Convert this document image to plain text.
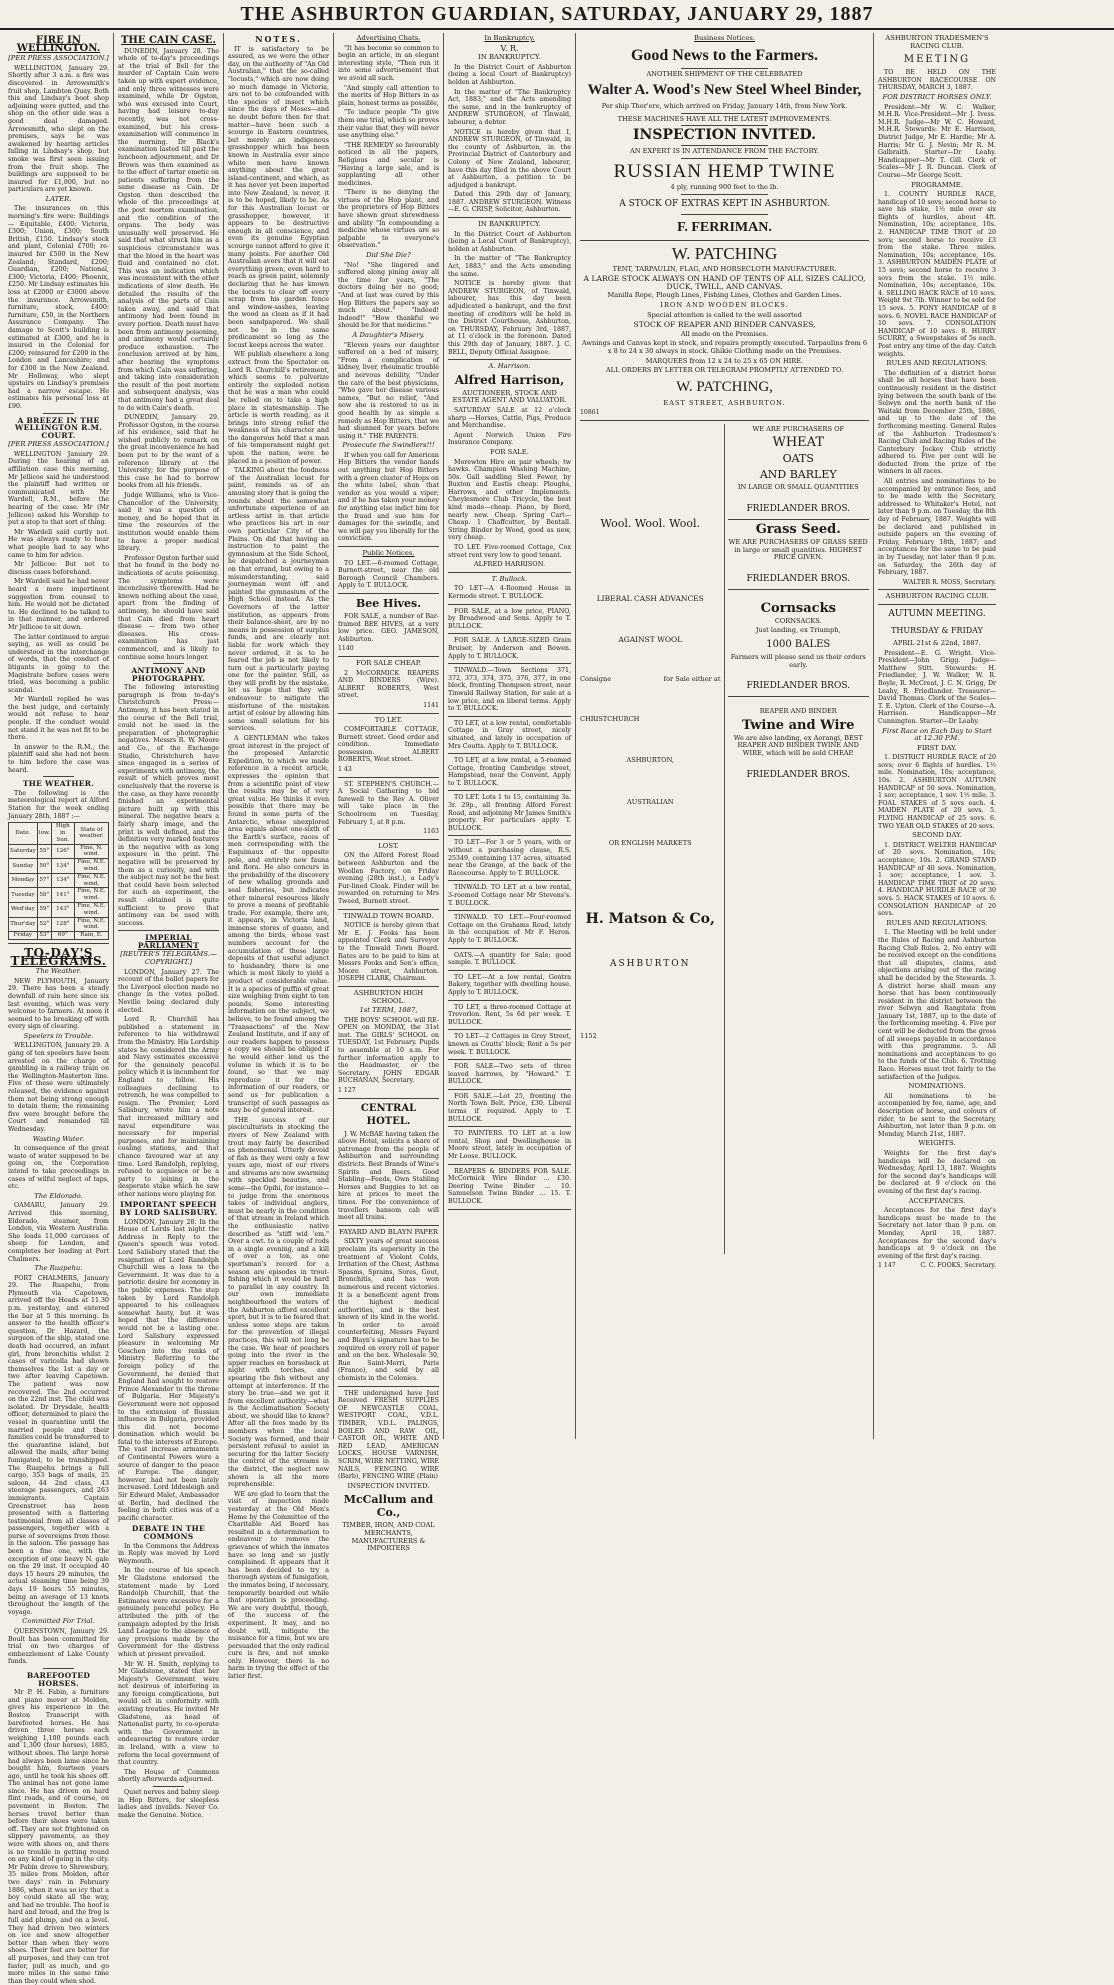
THE ASHBURTON GUARDIAN, SATURDAY, JANUARY 29, 1887
FIRE IN WELLINGTON.
[PER PRESS ASSOCIATION.]

WELLINGTON, January 29. Shortly after 3 a.m. a fire was discovered in Arrowsmith's fruit shop, Lambton Quay. Both this and Lindsay's boot shop adjoining were gutted, and the shop on the other side was a good deal damaged. Arrowsmith, who slept on the premises, says he was awakened by hearing articles falling in Lindsay's shop, but smoke was first seen issuing from the fruit shop. The buildings are supposed to be insured for £1,800, but no particulars are yet known.

LATER.

The insurances on this morning's fire were: Buildings — Equitable, £400; Victoria, £300; Union, £300; South British, £150. Lindsay's stock and plant, Colonial £700; re-insured for £500 in the New Zealand; Standard, £200; Guardian, £200; National, £300; Victoria, £400; Phoenix, £250. Mr Lindsay estimates his loss at £2000 or £3000 above the insurance. Arrowsmith, furniture, stock, £400; furniture, £50, in the Northern Assurance Company. The damage to Scott's building is estimated at £300, and he is insured in the Colonial for £200; reinsured for £200 in the London and Lancashire; and for £300 in the New Zealand. Mr Holloway, who slept upstairs on Lindsay's premises had a narrow escape. He estimates his personal loss at £90.

A BREEZE IN THE WELLINGTON R.M. COURT.
[PER PRESS ASSOCIATION.]

WELLINGTON January 29. During the hearing of an affiliation case this morning, Mr Jellicoe said he understood the plaintiff had written or communicated with Mr Wardell, R.M., before the hearing of the case. Mr (Mr Jellicoe) asked his Worship to put a stop to that sort of thing.

Mr Wardell said curtly not. He was always ready to hear what people had to say who came to him for advice.

Mr Jellicoe: But not to discuss cases beforehand.

Mr Wardell said he had never heard a more impertinent suggestion from counsel to him. He would not be dictated to. He declined to be talked to in that manner, and ordered Mr Jellicoe to sit down.

The latter continued to argue saying, as well as could be understood in the interchange of words, that the conduct of litigants in going to the Magistrate before cases were tried, was becoming a public scandal.

Mr Wardell replied he was the best judge, and certainly would not refuse to hear people. If the conduct would not stand it he was not fit to be there.

In answer to the R.M., the plaintiff said she had not been to him before the case was heard.

THE WEATHER.

The following is the meteorological report at Alford Station for the week ending January 28th, 1887 :—

Date.	low.	High in Sun.	State of weather.
Saturday	55°	126°	Fine, N. wind.
Sunday	50°	134°	Fine, N.E. wind.
Monday	57°	134°	Fine, N.E. wind.
Tuesday	58°	141°	Fine, N.E. wind.
Wed'day	59°	143°	Fine, N.E. wind.
Thur'day	52°	128°	Fine, N.E. wind.
Friday	53°	69°	Rain, E.
TO-DAY'S TELEGRAMS.
The Weather.

NEW PLYMOUTH, January 29. There has been a steady downfall of rain here since six last evening, which was very welcome to farmers. At noon it seemed to be breaking off with every sign of clearing.

Speelers in Trouble.

WELLINGTON, January 29. A gang of ten speelers have been arrested on the charge of gambling in a railway train on the Wellington-Masterton line. Five of these were ultimately released, the evidence against them not being strong enough to detain them; the remaining five were brought before the Court and remanded till Wednesday.

Wasting Water.

In consequence of the great waste of water supposed to be going on, the Corporation intend to take proceedings in cases of wilful neglect of taps, etc.

The Eldorado.

OAMARU, January 29. Arrived this morning, Eldorado, steamer, from London, via Western Australia. She loads 11,000 carcases of sheep for London, and completes her loading at Port Chalmers.

The Ruapehu.

PORT CHALMERS, January 29. The Ruapehu, from Plymouth via Capetown, arrived off the Heads at 11.30 p.m. yesterday, and entered the bar at 5 this morning. In answer to the health officer's question, Dr Hazard, the surgeon of the ship, stated one death had occurred, an infant girl, from bronchitis whilst 2 cases of varicella had shown themselves the 1st a day or two after leaving Capetown. The patient was now recovered. The 2nd occurred on the 22nd inst. The child was isolated. Dr Drysdale, health officer, determined to place the vessel in quarantine until the married people and their families could be transferred to the quarantine island, but allowed the mails, after being fumigated, to be transhipped. The Ruapehu brings a full cargo, 353 bags of mails, 25 saloon, 44 2nd class, 43 steerage passengers, and 263 immigrants. Captain Greenstreet has been presented with a flattering testimonial from all classes of passengers, together with a purse of sovereigns from those in the saloon. The passage has been a fine one, with the exception of one heavy N. gale on the 29 inst. It occupied 40 days 15 hours 29 minutes, the actual steaming time being 39 days 19 hours 55 minutes, being an average of 13 knots throughout the length of the voyage.

Committed For Trial.

QUEENSTOWN, January 29. Boult has been committed for trial on two charges of embezzlement of Lake County funds.

BAREFOOTED HORSES.

Mr P. H. Fabin, a furniture and piano mover at Molden, gives his experience in the Boston Transcript with barefooted horses. He has driven three horses each weighing 1,100 pounds each and 1,300 (four horses), 1885, without shoes. The large horse had always been lame since he bought him, fourteen years ago, until he took his shoes off. The animal has not gone lame since. He has driven on hard flint roads, and of course, on pavement in Boston. The horses travel better than before their shoes were taken off. They are not frightened on slippery pavements, as they were with shoes on, and there is no trouble in getting round on any kind of going in the city. Mr Fabin drove to Shrewsbury, 35 miles from Molden, after two days' rain in February 1886, when it was so icy that a boy could skate all the way, and had no trouble. The hoof is hard and broad, and the frog is full and plump, and on a level. They had driven two winters on ice and snow altogether better than when they wore shoes. Their feet are better for all purposes, and they can trot faster, pull as much, and go more miles in the same time than they could when shod.

THE CAIN CASE.

DUNEDIN, January 28. The whole of to-day's proceedings at the trial of Bell for the murder of Captain Cain were taken up with expert evidence, and only three witnesses were examined, while Dr Ogston, who was excused into Court, having had leisure to-day recently, was not cross-examined, but his cross-examination will commence in the morning. Dr Black's examination lasted till past the luncheon adjournment, and Dr Brown was then examined as to the effect of tartar emetic on patients suffering from the same disease as Cain. Dr Ogston then described the whole of the proceedings at the post mortem examination, and the condition of the organs. The body was unusually well preserved. He said that what struck him as a suspicious circumstance was that the blood in the heart was fluid and contained no clot. This was an indication which was inconsistent with the other indications of slow death. He detailed the results of the analysis of the parts of Cain taken away, and said that antimony had been found in every portion. Death must have been from antimony poisoning, and antimony would certainly produce exhaustion. The conclusion arrived at by him, after hearing the symptoms from which Cain was suffering, and taking into consideration the result of the post mortem and subsequent analysis, was that antimony had a great deal to do with Cain's death.

DUNEDIN, January 29. Professor Ogston, in the course of his evidence, said that he wished publicly to remark on the great inconvenience he had been put to by the want of a reference library at the University; for the purpose of this case he had to borrow books from all his friends.

Judge Williams, who is Vice-Chancellor of the University, said it was a question of money, and he hoped that in time the resources of the institution would enable them to have a proper medical library.

Professor Ogston further said that he found in the body no indications of acute poisoning. The symptoms were inconclusive therewith. Had he known nothing about the case, apart from the finding of antimony, he should have said that Cain died from heart disease — from two other diseases. His cross-examination has just commenced, and is likely to continue some hours longer.

ANTIMONY AND PHOTOGRAPHY.

The following interesting paragraph is from to-day's Christchurch Press:— Antimony, it has been stated in the course of the Bell trial, could not be used in the preparation of photographic negatives. Messrs R. W. Moore and Co., of the Exchange Studio, Christchurch have since engaged in a series of experiments with antimony, the result of which proves most conclusively that the reverse is the case, as they have recently finished an experimental picture built up with this mineral. The negative bears a fairly sharp image, and the print is well defined, and the definition very marked features in the negative with as long exposure in the print. The negative will be preserved by them as a curiosity, and with the subject may not be the best that could have been selected for such an experiment, the result obtained is quite sufficient to prove that antimony can be used with success.

IMPERIAL PARLIAMENT
[REUTER'S TELEGRAMS.—COPYRIGHT.]

LONDON, January 27. The recount of the ballot papers for the Liverpool election made no change in the votes polled. Neville being declared duly elected.

Lord R. Churchill has published a statement in reference to his withdrawal from the Ministry. His Lordship states he considered the Army and Navy estimates excessive for the genuinely peaceful policy which it is incumbent for England to follow. His colleagues declining to retrench, he was compelled to resign. The Premier, Lord Salisbury, wrote him a note that increased military and naval expenditure was necessary for imperial purposes, and for maintaining coaling stations, and that chance favoured war at any time. Lord Randolph, replying, refused to acquiesce or be a party to joining in the desperate stake which he saw other nations were playing for.

IMPORTANT SPEECH BY LORD SALISBURY.

LONDON, January 28. In the House of Lords last night the Address in Reply to the Queen's speech was voted. Lord Salisbury stated that the resignation of Lord Randolph Churchill was a loss to the Government. It was due to a patriotic desire for economy in the public expenses. The step taken by Lord Randolph appeared to his colleagues somewhat hasty, but it was hoped that the difference would not be a lasting one. Lord Salisbury expressed pleasure in welcoming Mr Goschen into the ranks of Ministry. Referring to the foreign policy of the Government, he denied that England had sought to restore Prince Alexander to the throne of Bulgaria. Her Majesty's Government were not opposed to the extension of Russian influence in Bulgaria, provided this did not become domination which would be fatal to the interests of Europe. The vast increase armaments of Continental Powers were a source of danger to the peace of Europe. The danger, however, had not been lately increased. Lord Iddesleigh and Sir Edward Malet, Ambassador at Berlin, had declined the feeling in both cities was of a pacific character.

DEBATE IN THE COMMONS

In the Commons the Address in Reply was moved by Lord Weymouth.

In the course of his speech Mr Gladstone endorsed the statement made by Lord Randolph Churchill, that the Estimates were excessive for a genuinely peaceful policy. He attributed the pith of the campaign adopted by the Irish Land League to the absence of any provisions made by the Government for the distress which at present prevailed.

Mr W. H. Smith, replying to Mr Gladstone, stated that her Majesty's Government were not desirous of interfering in any foreign complications, but would act in conformity with existing treaties. He invited Mr Gladstone, as head of Nationalist party, to co-operate with the Government in endeavouring to restore order in Ireland, with a view to reform the local government of that country.

The House of Commons shortly afterwards adjourned.

Quiet nerves and balmy sleep in Hop Bitters, for sleepless ladies and invalids. Never Co. make the Genuine. Notice.

NOTES.

IT is satisfactory to be assured, as we were the other day, on the authority of "An Old Australian," that the so-called "locusts," which are now doing so much damage in Victoria, are not to be confounded with the species of insect which since the days of Moses—and no doubt before then for that matter—have been such a scourge in Eastern countries, but merely an indigenous grasshopper which has been known in Australia ever since white men have known anything about the great island-continent, and which, as it has never yet been imported into New Zealand, is never, it is to be hoped, likely to be. As for this Australian locust or grasshopper, however, it appears to be destructive enough in all conscience, and even its genuine Egyptian scourge cannot afford to give it many points. For another Old Australian avers that it will eat everything green, even hard to reach as green paint, solemnly declaring that he has known the locusts to clear off every scrap from his garden fence and window-sashes, leaving the wood as clean as if it had been sandpapered. We shall not be in the same predicament so long as the locust keeps across the water.

WE publish elsewhere a long extract from the Spectator on Lord R. Churchill's retirement, which seems to pulverize entirely the exploded notion that he was a man who could be relied on to take a high place in statesmanship. The article is worth reading, as it brings into strong relief the weakness of his character and the dangerous hold that a man of his temperament might get upon the nation, were he placed in a position of power.

TALKING about the fondness of the Australian locust for paint, reminds us of an amusing story that is going the rounds about the somewhat unfortunate experience of an artless artist in that article who practices his art in our own particular City of the Plains. On did that having an instruction to paint the gymnasium at the Side School, he despatched a journeyman on that errand, but owing to a misunderstanding, said journeyman went off and painted the gymnasium of the High School instead. As the Governors of the latter institution, as appears from their balance-sheet, are by no means in possession of surplus funds, and are clearly not liable for work which they never ordered, it is to be feared the job is not likely to turn out a particularly paying one for the painter. Still, as they will profit by the mistake, let us hope that they will endeavour to mitigate the misfortune of the mistaken artist of colour by allowing him some small solatium for his services.

A GENTLEMAN who takes great interest in the project of the proposed Antarctic Expedition, to which we made reference in a recent article, expresses the opinion that from a scientific point of view the results may be of very great value. He thinks it even possible that there may be found in some parts of the Antarctic, whose unexplored area equals about one-sixth of the Earth's surface, races of men corresponding with the Esquimaux of the opposite pole, and entirely new fauna and flora. He also concurs in the probability of the discovery of new whaling grounds and seal fisheries, but indicates other mineral resources likely to prove a means of profitable trade. For example, there are, it appears, in Victoria land, immense stores of guano, and among the birds, whose vast numbers account for the accumulation of these large deposits of that useful adjunct to husbandry, there is one which is most likely to yield a product of considerable value. It is a species of puffin of great size weighing from eight to ten pounds. Some interesting information on the subject, we believe, to be found among the "Transactions" of the New Zealand Institute, and if any of our readers happen to possess a copy we should be obliged if he would either lend us the volume in which it is to be found, so that we may reproduce it for the information of our readers, or send us for publication a transcript of such passages as may be of general interest.

THE success of our pisciculturists in stocking the rivers of New Zealand with trout may fairly be described as phenomenal. Utterly devoid of fish as they were only a few years ago, most of our rivers and streams are now swarming with speckled beauties, and some—the Opihi, for instance—to judge from the enormous takes of individual anglers, must be nearly in the condition of that stream in Ireland which the enthusiastic native described as "stiff wid 'em." Over a cwt. to a couple of rods in a single evening, and a kill of over a ton, as one sportsman's record for a season are episodes in trout-fishing which it would be hard to parallel in any country. In our own immediate neighbourhood the waters of the Ashburton afford excellent sport, but it is to be feared that unless some steps are taken for the prevention of illegal practices, this will not long be the case. We hear of poachers going into the river in the upper reaches on horseback at night with torches, and spearing the fish without any attempt at interference. If the story be true—and we got it from excellent authority—what is the Acclimatisation Society about, we should like to know? After all the fees made by its members when the local Society was formed, and their persistent refusal to assist in securing for the latter Society the control of the streams in the district, the neglect now shown is all the more reprehensible.

WE are glad to learn that the visit of inspection made yesterday at the Old Men's Home by the Committee of the Charitable Aid Board has resulted in a determination to endeavour to remove the grievance of which the inmates have so long and so justly complained. It appears that it has been decided to try a thorough system of fumigation, the inmates being, if necessary, temporarily boarded out while that operation is proceeding. We are very doubtful, though, of the success of the experiment. It may, and no doubt will, mitigate the nuisance for a time, but we are persuaded that the only radical cure is fire, and not smoke only. However, there is no harm in trying the effect of the latter first.

Advertising Chats.

"It has become so common to begin an article, in an elegant interesting style, "Then run it into some advertisement that we avoid all such.

"And simply call attention to the merits of Hop Bitters in as plain, honest terms as possible,

"To induce people "To give them one trial, which so proves their value that they will never use anything else."

"THE REMEDY so favourably noticed in all the papers, Religious and secular is "Having a large sale, and is supplanting all other medicines.

"There is no denying the virtues of the Hop plant, and the proprietors of Hop Bitters have shown great shrewdness and ability "In compounding a medicine whose virtues are so palpable to everyone's observation."

Did She Die?

"No! "She lingered and suffered along pining away all the time for years, "The doctors doing her no good; "And at last was cured by this Hop Bitters the papers say so much about." "Indeed! Indeed!" "How thankful we should be for that medicine."

A Daughter's Misery.

"Eleven years our daughter suffered on a bed of misery, "From a complication of kidney, liver, rheumatic trouble and nervous debility, "Under the care of the best physicians, "Who gave her disease various names, "But no relief, "And now she is restored to us in good health by as simple a remedy as Hop Bitters, that we had shunned for years before using it." THE PARENTS.

Prosecute the Swindlers!!!

If when you call for American Hop Bitters the vendor hands out anything but Hop Bitters with a green cluster of Hops on the white label, shun that vendor as you would a viper; and if he has taken your money for anything else indict him for the fraud and sue him for damages for the swindle, and we will pay you liberally for the conviction.

Public Notices.

TO LET.—6-roomed Cottage, Burnett-street, near the old Borough Council Chambers. Apply to T. BULLOCK.

Bee Hives.

FOR SALE, a number of Bar-framed BEE HIVES, at a very low price. GEO. JAMESON, Ashburton.

1140
FOR SALE CHEAP.

2 McCORMICK REAPERS AND BINDERS (Wire). ALBERT ROBERTS, West street.

1141
TO LET.

COMFORTABLE COTTAGE, Burnett street. Good order and condition. Immediate possession. ALBERT ROBERTS, West street.

1 43

ST. STEPHEN'S CHURCH.—A Social Gathering to bid farewell to the Rev A. Oliver will take place in the Schoolroom on Tuesday, February 1, at 8 p.m.

1163
LOST.

ON the Alford Forest Road between Ashburton and the Woollen Factory, on Friday evening (28th inst.), a Lady's Fur-lined Cloak. Finder will be rewarded on returning to Mrs Tweed, Burnett street.

TINWALD TOWN BOARD.

NOTICE is hereby given that Mr E. J. Fooks has been appointed Clerk and Surveyor to the Tinwald Town Board. Rates are to be paid to him at Messrs Fooks and Son's office, Moore street, Ashburton. JOSEPH CLARK, Chairman.

ASHBURTON HIGH SCHOOL.
1st TERM, 1887,

THE BOYS' SCHOOL will RE-OPEN on MONDAY, the 31st inst. The GIRLS' SCHOOL on TUESDAY, 1st February. Pupils to assemble at 10 a.m. For further information apply to the Headmaster, or the Secretary. JOHN EDGAR BUCHANAN, Secretary.

1 127
CENTRAL HOTEL.

J. W. McBAE having taken the above Hotel, solicits a share of patronage from the people of Ashburton and surrounding districts. Best Brands of Wine's Spirits and Beers. Good Stabling—Feeds, Own Stabling Horses and Buggies to let on hire at prices to meet the times. For the convenience of travellers hansom cab will meet all trains.

FAYARD AND BLAYN PAPER

SIXTY years of great success proclaim its superiority in the treatment of Violent Colds, Irritation of the Chest, Asthma Spasms, Sprains, Sores, Gout, Bronchitis, and has won numerous and recent victories. It is a beneficent agent from the highest medical authorities, and is the best known of its kind in the world. In order to avoid counterfeiting, Messrs Fayard and Blayn's signature has to be required on every roll of paper and on the box. Wholesale 30, Rue Saint-Merri, Paris (France), and sold by all chemists in the Colonies.

THE undersigned have Just Received FRESH SUPPLIES OF NEWCASTLE COAL, WESTPORT COAL, V.D.L. TIMBER, V.D.L. PALINGS, BOILED AND RAW OIL, CASTOR OIL, WHITE AND RED LEAD, AMERICAN LOCKS, HOUSE VARNISH, SCRIM, WIRE NETTING, WIRE NAILS, FENCING WIRE (Barb), FENCING WIRE (Plain)

INSPECTION INVITED.
McCallum and Co.,
TIMBER, IRON, AND COAL MERCHANTS, MANUFACTURERS & IMPORTERS
In Bankruptcy.
V. R.
IN BANKRUPTCY.

In the District Court of Ashburton (being a local Court of Bankruptcy) holden at Ashburton.

In the matter of "The Bankruptcy Act, 1883," and the Acts amending the same, and in the bankruptcy of ANDREW STURGEON, of Tinwald, labourer, a debtor.

NOTICE is hereby given that I, ANDREW STURGEON, of Tinwald, in the county of Ashburton, in the Provincial District of Canterbury and Colony of New Zealand, labourer, have this day filed in the above Court at Ashburton, a petition to be adjudged a bankrupt.

Dated this 29th day of January, 1887. ANDREW STURGEON. Witness—E. G. CRISP, Solicitor, Ashburton.

IN BANKRUPTCY.

In the District Court of Ashburton (being a Local Court of Bankruptcy), holden at Ashburton.

In the matter of "The Bankruptcy Act, 1883," and the Acts amending the same.

NOTICE is hereby given that ANDREW STURGEON, of Tinwald, labourer, has this day been adjudicated a bankrupt, and the first meeting of creditors will be held in the District Courthouse, Ashburton, on THURSDAY, February 3rd, 1887, at 11 o'clock in the forenoon. Dated this 29th day of January, 1887. J. C. BELL, Deputy Official Assignee.

A. Harrison.
Alfred Harrison,
AUCTIONEER, STOCK AND ESTATE AGENT AND VALUATOR.

SATURDAY SALE at 12 o'clock sharp —Horses, Cattle, Pigs, Produce and Merchandise.

Agent Norwich Union Fire Insurance Company.

FOR SALE.

Morewton Hire on pair wheels; tw hawks. Champion Washing Machine, 50s. Gall saddling Sled Fewer, by Buxton and Eastis cheap. Ploughs, Harrows, and other Implements. Cheylesmore Club Tricycle, the best kind made—cheap. Piano, by Bord, nearly new. Cheap. Spring Cart—Cheap. 1 Chaffcutter, by Bentall. String Binder by Wood, good as new, very cheap.

TO LET. Five-roomed Cottage, Cox street rent very low to good tenant.

ALFRED HARRISON.
T. Bullock.

TO LET—A 4-Roomed House in Kermode street. T. BULLOCK.

FOR SALE, at a low price, PIANO, by Broadwood and Sons. Apply to T. BULLOCK.

FOR SALE. A LARGE-SIZED Grain Bruiser, by Anderson and Bowen. Apply to T. BULLOCK.

TINWALD.—Town Sections 371, 372, 373, 374, 375, 376, 377, in one block, fronting Thompson street, near Tinwald Railway Station, for sale at a low price, and on liberal terms. Apply to T. BULLOCK.

TO LET, at a low rental, comfortable Cottage in Gray street, nicely situated, and lately in occupation of Mrs Coutts. Apply to T. BULLOCK.

TO LET, at a low rental, a 5-roomed Cottage, fronting Cambridge street, Hampstead, near the Convent. Apply to T. BULLOCK.

TO LET. Lots 1 to 15, containing 3a. 3r. 29p., all fronting Alford Forest Road, and adjoining Mr James Smith's property. For particulars apply T. BULLOCK.

TO LET—For 3 or 5 years, with or without a purchasing clause, R.S. 25349, containing 137 acres, situated near the Grange, at the back of the Racecourse. Apply to T. BULLOCK.

TINWALD. TO LET at a low rental, 3-roomed Cottage near Mr Stevens's. T. BULLOCK.

TINWALD. TO LET.—Four-roomed Cottage on the Grahams Road, lately in the occupation of Mr F. Heron. Apply to T. BULLOCK.

OATS.—A quantity for Sale; good sample. T. BULLOCK.

TO LET.—At a low rental, Gentra Bakery, together with dwelling house. Apply to T. BULLOCK.

TO LET, a three-roomed Cottage at Trevorlon. Rent, 5s 6d per week. T. BULLOCK.

TO LET—2 Cottages in Grey Street, known as Coutts' block; Rent a 5s per week. T. BULLOCK.

FOR SALE—Two sets of three leaved harrows, by "Howard." T. BULLOCK.

FOR SALE.—Lot 25, fronting the North Town Belt. Price, £30. Liberal terms if required. Apply to T. BULLOCK.

TO PAINTERS. TO LET at a low rental, Shop and Dwellinghouse in Moore street, lately in occupation of Mr Loose. BULLOCK.

REAPERS & BINDERS FOR SALE. McCormick Wire Binder ... £30. Deering Twine Binder ... 10. Samuelson Twine Binder ... 15. T. BULLOCK.

Business Notices.
Good News to the Farmers.
ANOTHER SHIPMENT OF THE CELEBRATED
Walter A. Wood's New Steel Wheel Binder,
Per ship Thor'ere, which arrived on Friday, January 14th, from New York.
THESE MACHINES HAVE ALL THE LATEST IMPROVEMENTS.
INSPECTION INVITED.
AN EXPERT IS IN ATTENDANCE FROM THE FACTORY.
RUSSIAN HEMP TWINE
4 ply, running 900 feet to the lb.
A STOCK OF EXTRAS KEPT IN ASHBURTON.
F. FERRIMAN.
W. PATCHING
TENT, TARPAULIN, FLAG, AND HORSECLOTH MANUFACTURER.
A LARGE STOCK ALWAYS ON HAND OF TENTS OF ALL SIZES CALICO, DUCK, TWILL, AND CANVAS.
Manilla Rope, Plough Lines, Fishing Lines, Clothes and Garden Lines.
IRON AND WOODEN BLOCKS.
Special attention is called to the well assorted
STOCK OF REAPER AND BINDER CANVASES,
All made on the Premises.
Awnings and Canvas kept in stock, and repairs promptly executed. Tarpaulins from 6 x 8 to 24 x 30 always in stock. Ghikie Clothing made on the Premises.
MARQUEES from 12 x 24 to 25 x 65 ON HIRE.
ALL ORDERS BY LETTER OR TELEGRAM PROMPTLY ATTENDED TO.
W. PATCHING,
EAST STREET, ASHBURTON.
10861
Wool. Wool. Wool.
LIBERAL CASH ADVANCES
AGAINST WOOL
Consigne	for Sale either at
CHRISTCHURCH
ASHBURTON,
AUSTRALIAN
OR ENGLISH MARKETS
H. Matson & Co,
ASHBURTON
1152
WE ARE PURCHASERS OF
WHEAT
OATS
AND BARLEY
IN LARGE OR SMALL QUANTITIES
FRIEDLANDER BROS.
Grass Seed.
WE ARE PURCHASERS OF GRASS SEED in large or small quantities. HIGHEST PRICE GIVEN.
FRIEDLANDER BROS.
Cornsacks
CORNSACKS.
Just landing, ex Triumph,
1000 BALES
Farmers will please send us their orders early.
FRIEDLANDER BROS.
REAPER AND BINDER
Twine and Wire
We are also landing, ex Aorangi, BEST REAPER AND BINDER TWINE AND WIRE, which will be sold CHEAP.
FRIEDLANDER BROS.
ASHBURTON TRADESMEN'S RACING CLUB.
MEETING

TO BE HELD ON THE ASHBURTON RACECOURSE ON THURSDAY, MARCH 3, 1887.

FOR DISTRICT HORSES ONLY.

President—Mr W. C. Walker, M.H.R. Vice-President—Mr J. Ivess. M.H.R. Judge—Mr W. C. Howard, M.H.R. Stewards: Mr E. Harrison, District Judge, Mr E. Hardie; Mr A. Harris; Mr G. J. Nevin; Mr R. M. Galbraith. Starter—Dr Leahy. Handicapper—Mr T. Gill. Clerk of Scales—Mr J. R. Duncan. Clerk of Course—Mr George Scott.

PROGRAMME.

1. COUNTY HURDLE RACE, handicap of 10 sovs; second horse to save his stake, 1½ mile over six flights of hurdles, about 4ft. Nomination, 10s; acceptance, 10s. 2. HANDICAP TIME TROT of 20 sovs; second horse to receive £3 from the stake. Three miles. Nomination, 10s; acceptance, 10s. 3. ASHBURTON MAIDEN PLATE of 15 sovs; second horse to receive 3 sovs from the stake. 1½ mile. Nomination, 10s; acceptance, 10s. 4. SELLING HACK RACE of 10 sovs. Weight 9st 7lb. Winner to be sold for 15 sovs. 5. PONY HANDICAP of 8 sovs. 6. NOVEL RACE HANDICAP of 10 sovs. 7. CONSOLATION HANDICAP of 10 sovs. 8. HURRY SCURRY, a Sweepstakes of 5s each. Post entry any time of the day. Catch weights.

RULES AND REGULATIONS.

The definition of a district horse shall be all horses that have been continuously resident in the district lying between the south bank of the Selwyn and the north bank of the Waitaki from December 25th, 1886, and up to the date of the forthcoming meeting. General Rules of the Ashburton Tradesmen's Racing Club and Racing Rules of the Canterbury Jockey Club strictly adhered to. Five per cent will be deducted from the prize of the winners in all races.

All entries and nominations to be accompanied by entrance fees, and to be made with the Secretary, addressed to Whitaker's Hotel, not later than 9 p.m. on Tuesday, the 8th day of February, 1887. Weights will be declared and published in outside papers on the evening of Friday, February 18th, 1887; and acceptances for the same to be paid in by Tuesday, not later than 9 p.m. on Saturday, the 26th day of February, 1887.

WALTER R. MOSS, Secretary.
ASHBURTON RACING CLUB.
AUTUMN MEETING.
THURSDAY & FRIDAY
APRIL 21st & 22nd, 1887.

President—E. G. Wright. Vice-President—John Grigg. Judge—Matthew Stitt. Stewards: H. Friedlander, J. W. Walker, W. R. Boyle, R. McCreat, J. C. N. Grigg, Dr Leahy, R. Friedlander. Treasurer—David Thomas. Clerk of the Scales—T. E. Upton. Clerk of the Course—A. Harrison. Handicapper—Mr Cunnington. Starter—Dr Leahy.

First Race on Each Day to Start at 12.30 P.M.
FIRST DAY.

1. DISTRICT HURDLE RACE of 20 sovs; over 6 flights of hurdles. 1½ mile. Nomination, 10s; acceptance, 10s. 2. ASHBURTON AUTUMN HANDICAP of 50 sovs. Nomination, 1 sov; acceptance, 1 sov. 1½ mile. 3. FOAL STAKES of 5 sovs each. 4. MAIDEN PLATE of 20 sovs. 5. FLYING HANDICAP of 25 sovs. 6. TWO YEAR OLD STAKES of 20 sovs.

SECOND DAY.

1. DISTRICT WELTER HANDICAP of 20 sovs. Nomination, 10s; acceptance, 10s. 2. GRAND STAND HANDICAP of 40 sovs. Nomination, 1 sov; acceptance, 1 sov. 3. HANDICAP TIME TROT of 20 sovs. 4. HANDICAP HURDLE RACE of 30 sovs. 5. HACK STAKES of 10 sovs. 6. CONSOLATION HANDICAP of 20 sovs.

RULES AND REGULATIONS.

1. The Meeting will be held under the Rules of Racing and Ashburton Racing Club Rules. 2. No entry will be received except on the conditions that all disputes, claims, and objections arising out of the racing shall be decided by the Stewards. 3. A district horse shall mean any horse that has been continuously resident in the district between the river Selwyn and Rangitata from January 1st, 1887, up to the date of the forthcoming meeting. 4. Five per cent will be deducted from the gross of all sweeps payable in accordance with this programme. 5. All nominations and acceptances to go to the funds of the Club. 6. Trotting Race. Horses must trot fairly to the satisfaction of the Judges.

NOMINATIONS.

All nominations to be accompanied by fee, name, age, and description of horse, and colours of rider, to be sent to the Secretary, Ashburton, not later than 9 p.m. on Monday, March 21st, 1887.

WEIGHTS.

Weights for the first day's handicaps will be declared on Wednesday, April 13, 1887. Weights for the second day's handicaps will be declared at 9 o'clock on the evening of the first day's racing.

ACCEPTANCES.

Acceptances for the first day's handicaps must be made to the Secretary not later than 9 p.m. on Monday, April 18, 1887. Acceptances for the second day's handicaps at 9 o'clock on the evening of the first day's racing.

1 147	C. C. FOOKS, Secretary.
